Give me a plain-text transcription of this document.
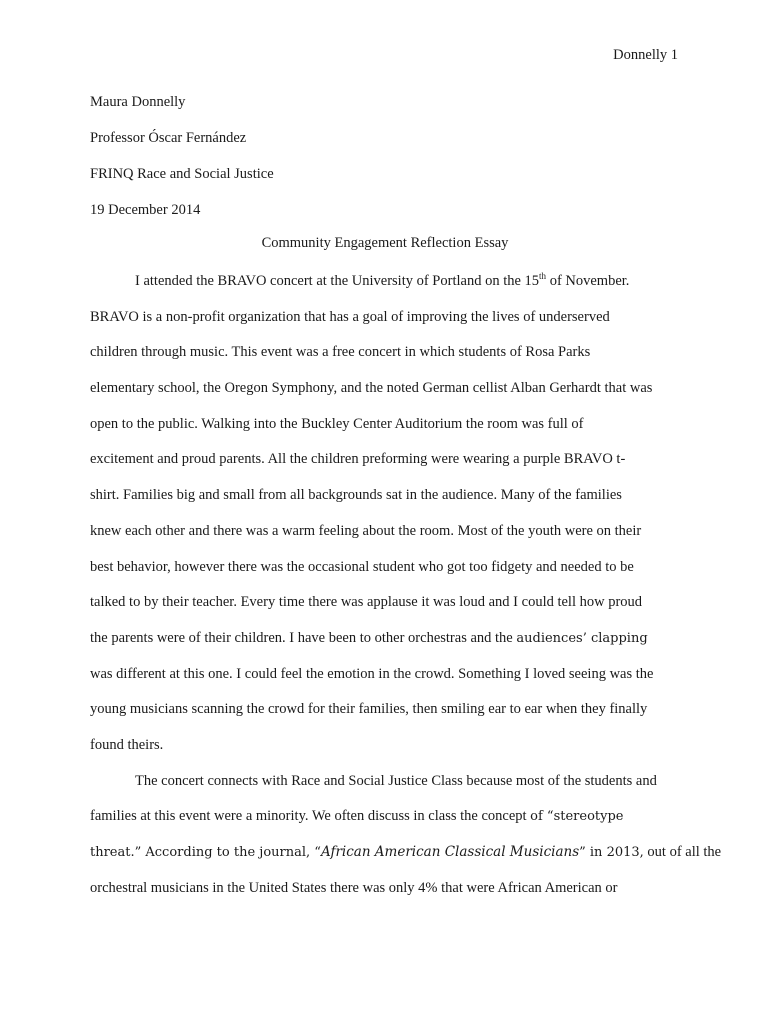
Donnelly 1
Maura Donnelly
Professor Óscar Fernández
FRINQ Race and Social Justice
19 December 2014
Community Engagement Reflection Essay
I attended the BRAVO concert at the University of Portland on the 15th of November.
BRAVO is a non-profit organization that has a goal of improving the lives of underserved
children through music. This event was a free concert in which students of Rosa Parks
elementary school, the Oregon Symphony, and the noted German cellist Alban Gerhardt that was
open to the public. Walking into the Buckley Center Auditorium the room was full of
excitement and proud parents. All the children preforming were wearing a purple BRAVO t-
shirt. Families big and small from all backgrounds sat in the audience. Many of the families
knew each other and there was a warm feeling about the room. Most of the youth were on their
best behavior, however there was the occasional student who got too fidgety and needed to be
talked to by their teacher. Every time there was applause it was loud and I could tell how proud
the parents were of their children. I have been to other orchestras and the audiences’ clapping
was different at this one. I could feel the emotion in the crowd. Something I loved seeing was the
young musicians scanning the crowd for their families, then smiling ear to ear when they finally
found theirs.
The concert connects with Race and Social Justice Class because most of the students and
families at this event were a minority. We often discuss in class the concept of “stereotype
threat.” According to the journal, “African American Classical Musicians” in 2013, out of all the
orchestral musicians in the United States there was only 4% that were African American or
